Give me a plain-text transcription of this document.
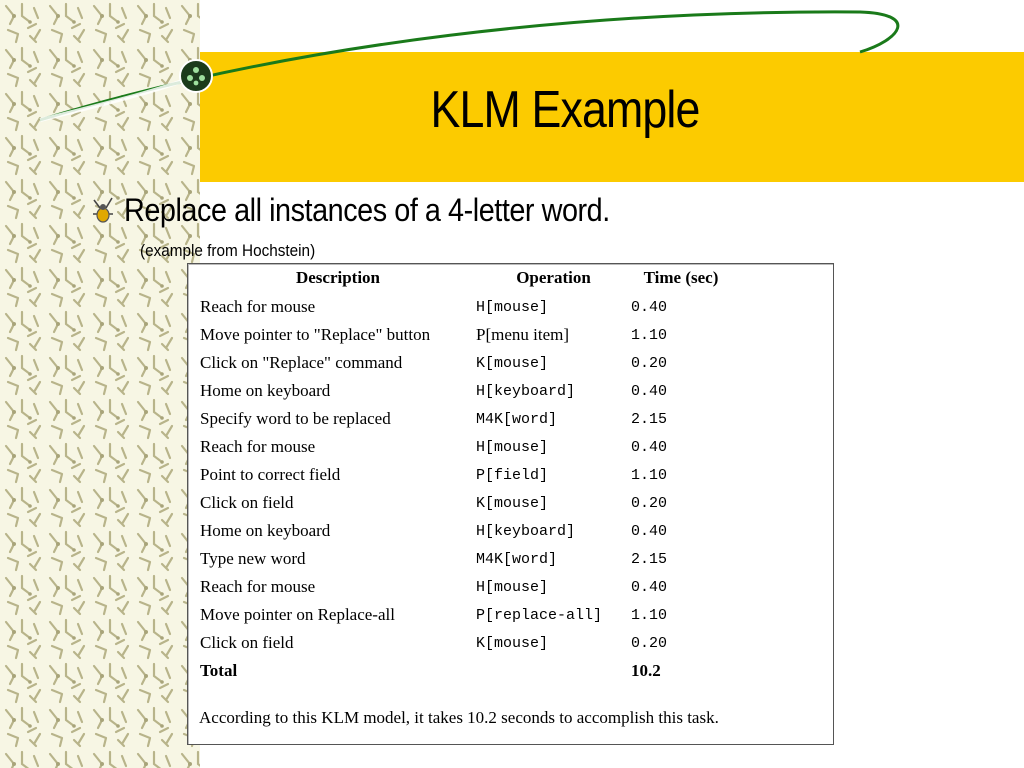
KLM Example
Replace all instances of a 4-letter word.
(example from Hochstein)
Description	Operation	Time (sec)
Reach for mouse	H[mouse]	0.40
Move pointer to "Replace" button	P[menu item]	1.10
Click on "Replace" command	K[mouse]	0.20
Home on keyboard	H[keyboard]	0.40
Specify word to be replaced	M4K[word]	2.15
Reach for mouse	H[mouse]	0.40
Point to correct field	P[field]	1.10
Click on field	K[mouse]	0.20
Home on keyboard	H[keyboard]	0.40
Type new word	M4K[word]	2.15
Reach for mouse	H[mouse]	0.40
Move pointer on Replace-all	P[replace-all]	1.10
Click on field	K[mouse]	0.20
Total		10.2
According to this KLM model, it takes 10.2 seconds to accomplish this task.
